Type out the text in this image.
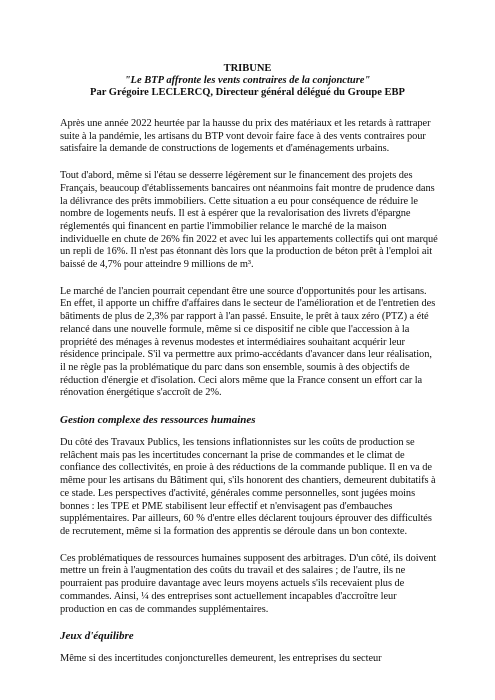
TRIBUNE
"Le BTP affronte les vents contraires de la conjoncture"
Par Grégoire LECLERCQ, Directeur général délégué du Groupe EBP

Après une année 2022 heurtée par la hausse du prix des matériaux et les retards à rattraper suite à la pandémie, les artisans du BTP vont devoir faire face à des vents contraires pour satisfaire la demande de constructions de logements et d'aménagements urbains.

Tout d'abord, même si l'étau se desserre légèrement sur le financement des projets des Français, beaucoup d'établissements bancaires ont néanmoins fait montre de prudence dans la délivrance des prêts immobiliers. Cette situation a eu pour conséquence de réduire le nombre de logements neufs. Il est à espérer que la revalorisation des livrets d'épargne réglementés qui financent en partie l'immobilier relance le marché de la maison individuelle en chute de 26% fin 2022 et avec lui les appartements collectifs qui ont marqué un repli de 16%. Il n'est pas étonnant dès lors que la production de béton prêt à l'emploi ait baissé de 4,7% pour atteindre 9 millions de m³.

Le marché de l'ancien pourrait cependant être une source d'opportunités pour les artisans. En effet, il apporte un chiffre d'affaires dans le secteur de l'amélioration et de l'entretien des bâtiments de plus de 2,3% par rapport à l'an passé. Ensuite, le prêt à taux zéro (PTZ) a été relancé dans une nouvelle formule, même si ce dispositif ne cible que l'accession à la propriété des ménages à revenus modestes et intermédiaires souhaitant acquérir leur résidence principale. S'il va permettre aux primo-accédants d'avancer dans leur réalisation, il ne règle pas la problématique du parc dans son ensemble, soumis à des objectifs de réduction d'énergie et d'isolation. Ceci alors même que la France consent un effort car la rénovation énergétique s'accroît de 2%.

Gestion complexe des ressources humaines

Du côté des Travaux Publics, les tensions inflationnistes sur les coûts de production se relâchent mais pas les incertitudes concernant la prise de commandes et le climat de confiance des collectivités, en proie à des réductions de la commande publique. Il en va de même pour les artisans du Bâtiment qui, s'ils honorent des chantiers, demeurent dubitatifs à ce stade. Les perspectives d'activité, générales comme personnelles, sont jugées moins bonnes : les TPE et PME stabilisent leur effectif et n'envisagent pas d'embauches supplémentaires. Par ailleurs, 60 % d'entre elles déclarent toujours éprouver des difficultés de recrutement, même si la formation des apprentis se déroule dans un bon contexte.

Ces problématiques de ressources humaines supposent des arbitrages. D'un côté, ils doivent mettre un frein à l'augmentation des coûts du travail et des salaires ; de l'autre, ils ne pourraient pas produire davantage avec leurs moyens actuels s'ils recevaient plus de commandes. Ainsi, ¼ des entreprises sont actuellement incapables d'accroître leur production en cas de commandes supplémentaires.

Jeux d'équilibre

Même si des incertitudes conjoncturelles demeurent, les entreprises du secteur
